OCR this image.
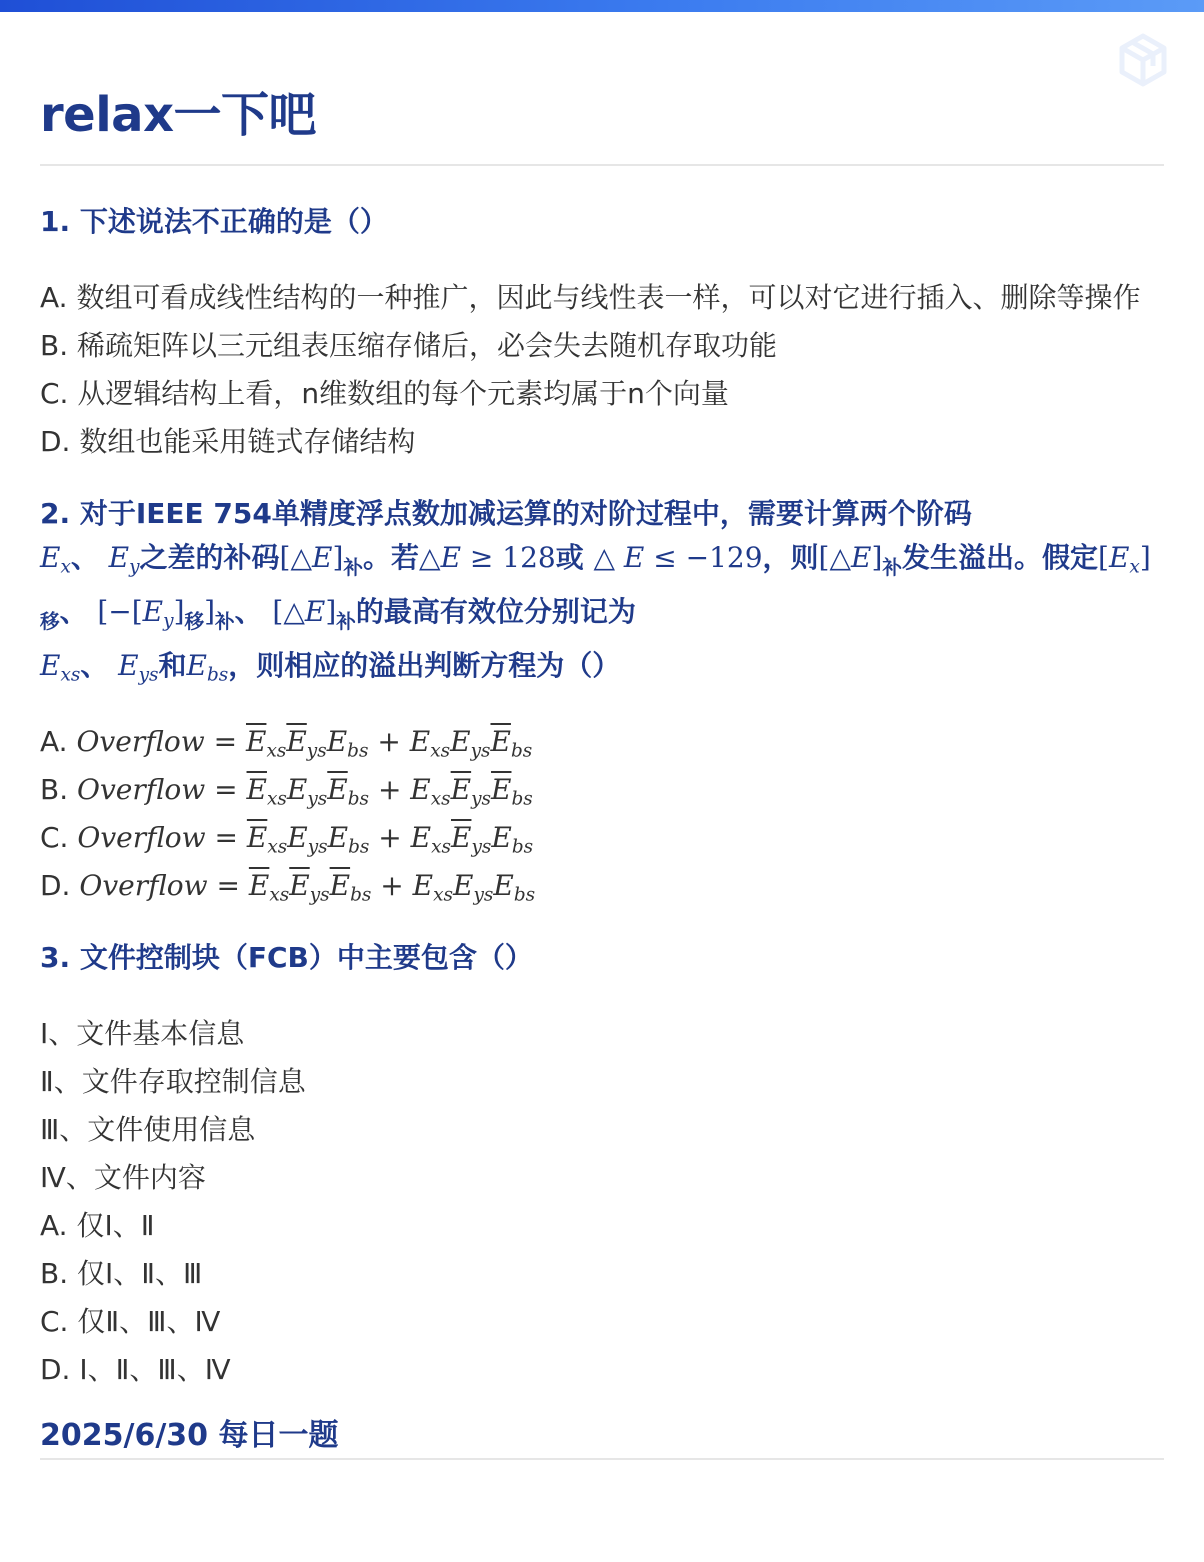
relax一下吧
1. 下述说法不正确的是（）
A. 数组可看成线性结构的一种推广，因此与线性表一样，可以对它进行插入、删除等操作
B. 稀疏矩阵以三元组表压缩存储后，必会失去随机存取功能
C. 从逻辑结构上看，n维数组的每个元素均属于n个向量
D. 数组也能采用链式存储结构
2. 对于IEEE 754单精度浮点数加减运算的对阶过程中，需要计算两个阶码
$E_x$、 $E_y$之差的补码$[\triangle E]_补$。若△E ≥ 128或 △ E ≤ −129，则$[\triangle E]_补$发生溢出。假定$[E_x]_移$、 $[-[E_y]_移]_补$、 $[\triangle E]_补$的最高有效位分别记为
$E_{xs}$、 $E_{ys}$和$E_{bs}$，则相应的溢出判断方程为（）
A. Overflow = $\overline{E}_{xs}\overline{E}_{ys}E_{bs} + E_{xs}E_{ys}\overline{E}_{bs}$
B. Overflow = $\overline{E}_{xs}E_{ys}\overline{E}_{bs} + E_{xs}\overline{E}_{ys}\overline{E}_{bs}$
C. Overflow = $\overline{E}_{xs}E_{ys}E_{bs} + E_{xs}\overline{E}_{ys}E_{bs}$
D. Overflow = $\overline{E}_{xs}\overline{E}_{ys}\overline{E}_{bs} + E_{xs}E_{ys}E_{bs}$
3. 文件控制块（FCB）中主要包含（）
Ⅰ、文件基本信息
Ⅱ、文件存取控制信息
Ⅲ、文件使用信息
Ⅳ、文件内容
A. 仅Ⅰ、Ⅱ
B. 仅Ⅰ、Ⅱ、Ⅲ
C. 仅Ⅱ、Ⅲ、Ⅳ
D. Ⅰ、Ⅱ、Ⅲ、Ⅳ
2025/6/30 每日一题
